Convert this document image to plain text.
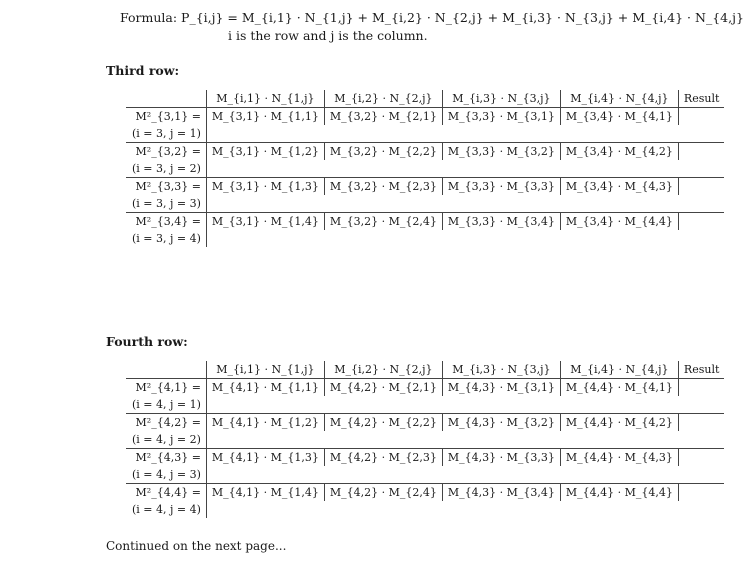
Formula: P_{i,j} = M_{i,1} · N_{1,j} + M_{i,2} · N_{2,j} + M_{i,3} · N_{3,j} + M_{i,4} · N_{4,j}
i is the row and j is the column.
Third row:
	M_{i,1} · N_{1,j}	M_{i,2} · N_{2,j}	M_{i,3} · N_{3,j}	M_{i,4} · N_{4,j}	Result
M²_{3,1} =	M_{3,1} · M_{1,1}	M_{3,2} · M_{2,1}	M_{3,3} · M_{3,1}	M_{3,4} · M_{4,1}	
(i = 3, j = 1)					
M²_{3,2} =	M_{3,1} · M_{1,2}	M_{3,2} · M_{2,2}	M_{3,3} · M_{3,2}	M_{3,4} · M_{4,2}	
(i = 3, j = 2)					
M²_{3,3} =	M_{3,1} · M_{1,3}	M_{3,2} · M_{2,3}	M_{3,3} · M_{3,3}	M_{3,4} · M_{4,3}	
(i = 3, j = 3)					
M²_{3,4} =	M_{3,1} · M_{1,4}	M_{3,2} · M_{2,4}	M_{3,3} · M_{3,4}	M_{3,4} · M_{4,4}	
(i = 3, j = 4)					
Fourth row:
	M_{i,1} · N_{1,j}	M_{i,2} · N_{2,j}	M_{i,3} · N_{3,j}	M_{i,4} · N_{4,j}	Result
M²_{4,1} =	M_{4,1} · M_{1,1}	M_{4,2} · M_{2,1}	M_{4,3} · M_{3,1}	M_{4,4} · M_{4,1}	
(i = 4, j = 1)					
M²_{4,2} =	M_{4,1} · M_{1,2}	M_{4,2} · M_{2,2}	M_{4,3} · M_{3,2}	M_{4,4} · M_{4,2}	
(i = 4, j = 2)					
M²_{4,3} =	M_{4,1} · M_{1,3}	M_{4,2} · M_{2,3}	M_{4,3} · M_{3,3}	M_{4,4} · M_{4,3}	
(i = 4, j = 3)					
M²_{4,4} =	M_{4,1} · M_{1,4}	M_{4,2} · M_{2,4}	M_{4,3} · M_{3,4}	M_{4,4} · M_{4,4}	
(i = 4, j = 4)					
Continued on the next page...
